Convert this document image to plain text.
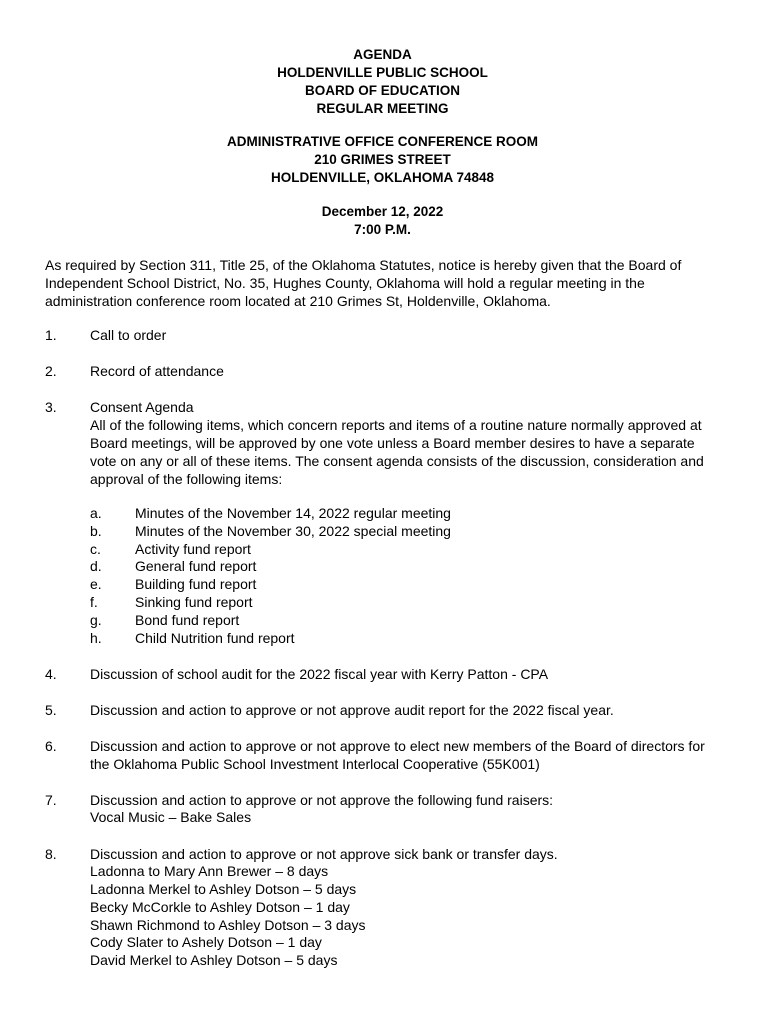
AGENDA
HOLDENVILLE PUBLIC SCHOOL
BOARD OF EDUCATION
REGULAR MEETING
ADMINISTRATIVE OFFICE CONFERENCE ROOM
210 GRIMES STREET
HOLDENVILLE, OKLAHOMA 74848
December 12, 2022
7:00 P.M.
As required by Section 311, Title 25, of the Oklahoma Statutes, notice is hereby given that the Board of Independent School District, No. 35, Hughes County, Oklahoma will hold a regular meeting in the administration conference room located at 210 Grimes St, Holdenville, Oklahoma.
1. Call to order
2. Record of attendance
3. Consent Agenda
All of the following items, which concern reports and items of a routine nature normally approved at Board meetings, will be approved by one vote unless a Board member desires to have a separate vote on any or all of these items. The consent agenda consists of the discussion, consideration and approval of the following items:
a. Minutes of the November 14, 2022 regular meeting
b. Minutes of the November 30, 2022 special meeting
c. Activity fund report
d. General fund report
e. Building fund report
f.	Sinking fund report
g. Bond fund report
h. Child Nutrition fund report
4. Discussion of school audit for the 2022 fiscal year with Kerry Patton - CPA
5. Discussion and action to approve or not approve audit report for the 2022 fiscal year.
6. Discussion and action to approve or not approve to elect new members of the Board of directors for the Oklahoma Public School Investment Interlocal Cooperative (55K001)
7. Discussion and action to approve or not approve the following fund raisers:
Vocal Music – Bake Sales
8. Discussion and action to approve or not approve sick bank or transfer days.
Ladonna to Mary Ann Brewer – 8 days
Ladonna Merkel to Ashley Dotson – 5 days
Becky McCorkle to Ashley Dotson – 1 day
Shawn Richmond to Ashley Dotson – 3 days
Cody Slater to Ashely Dotson – 1 day
David Merkel to Ashley Dotson – 5 days
